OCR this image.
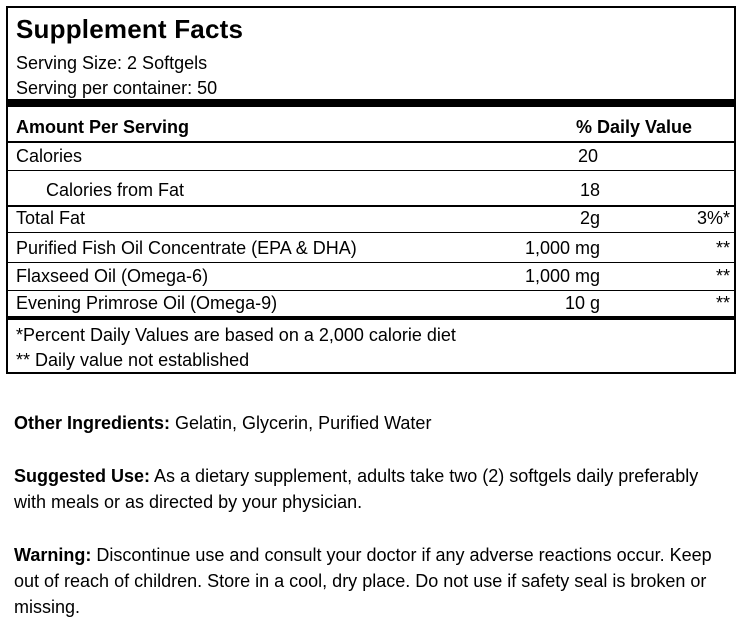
Supplement Facts
Serving Size: 2 Softgels
Serving per container: 50
Amount Per Serving	% Daily Value
Calories	20
Calories from Fat	18
Total Fat	2g	3%*
Purified Fish Oil Concentrate (EPA & DHA)	1,000 mg	**
Flaxseed Oil (Omega-6)	1,000 mg	**
Evening Primrose Oil (Omega-9)	10 g	**
*Percent Daily Values are based on a 2,000 calorie diet
** Daily value not established
Other Ingredients: Gelatin, Glycerin, Purified Water
Suggested Use: As a dietary supplement, adults take two (2) softgels daily preferably with meals or as directed by your physician.
Warning: Discontinue use and consult your doctor if any adverse reactions occur. Keep out of reach of children. Store in a cool, dry place. Do not use if safety seal is broken or missing.
